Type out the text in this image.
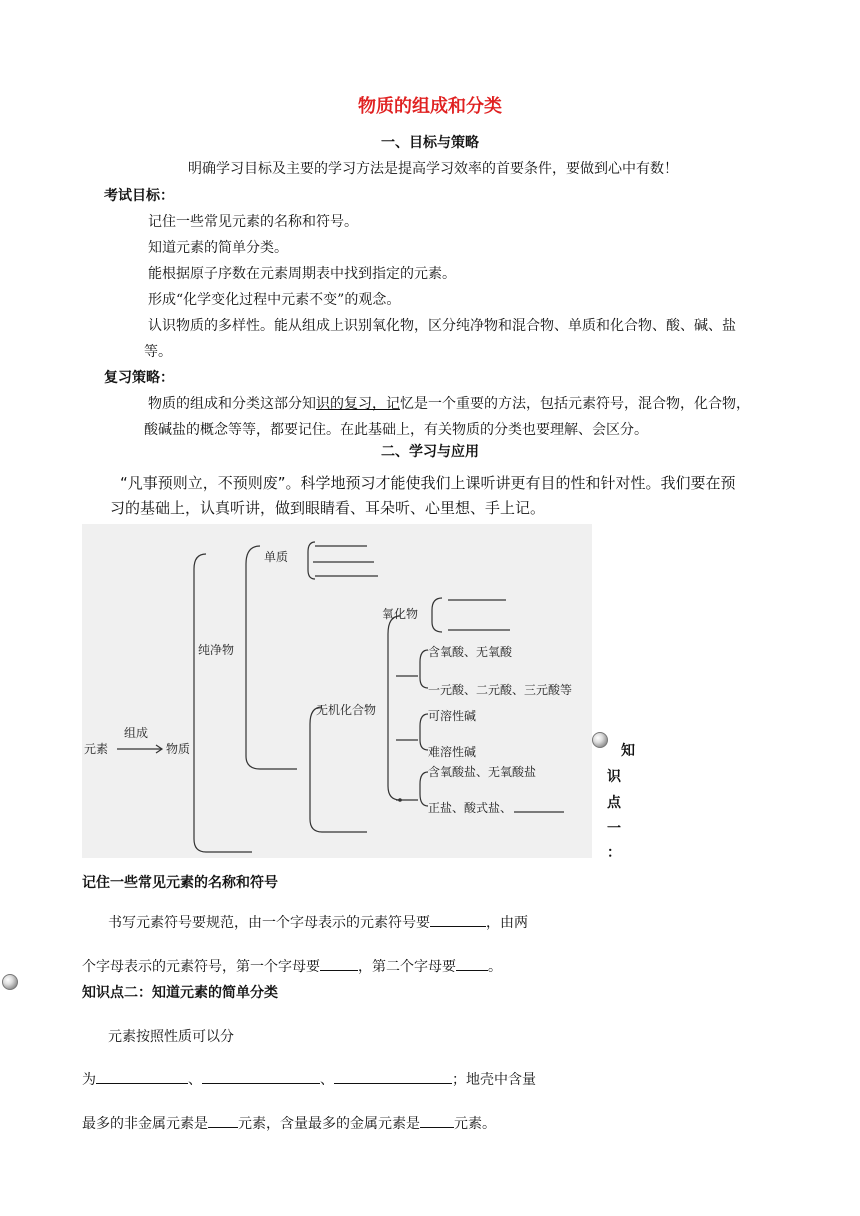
物质的组成和分类
一、目标与策略
明确学习目标及主要的学习方法是提高学习效率的首要条件，要做到心中有数！
考试目标：
记住一些常见元素的名称和符号。
知道元素的简单分类。
能根据原子序数在元素周期表中找到指定的元素。
形成“化学变化过程中元素不变”的观念。
认识物质的多样性。能从组成上识别氧化物，区分纯净物和混合物、单质和化合物、酸、碱、盐
等。
复习策略：
物质的组成和分类这部分知识的复习，记忆是一个重要的方法，包括元素符号，混合物，化合物，
酸碱盐的概念等等，都要记住。在此基础上，有关物质的分类也要理解、会区分。
二、学习与应用
“凡事预则立，不预则废”。科学地预习才能使我们上课听讲更有目的性和针对性。我们要在预
习的基础上，认真听讲，做到眼睛看、耳朵听、心里想、手上记。
元素
组成
物质
纯净物
单质
氧化物
无机化合物
含氧酸、无氧酸
一元酸、二元酸、三元酸等
可溶性碱
难溶性碱
含氧酸盐、无氧酸盐
正盐、酸式盐、
知
识
点
一
：
记住一些常见元素的名称和符号
书写元素符号要规范，由一个字母表示的元素符号要	，由两
个字母表示的元素符号，第一个字母要	，第二个字母要 。
知识点二：知道元素的简单分类
元素按照性质可以分
为	、	、	；地壳中含量
最多的非金属元素是 元素，含量最多的金属元素是 元素。
